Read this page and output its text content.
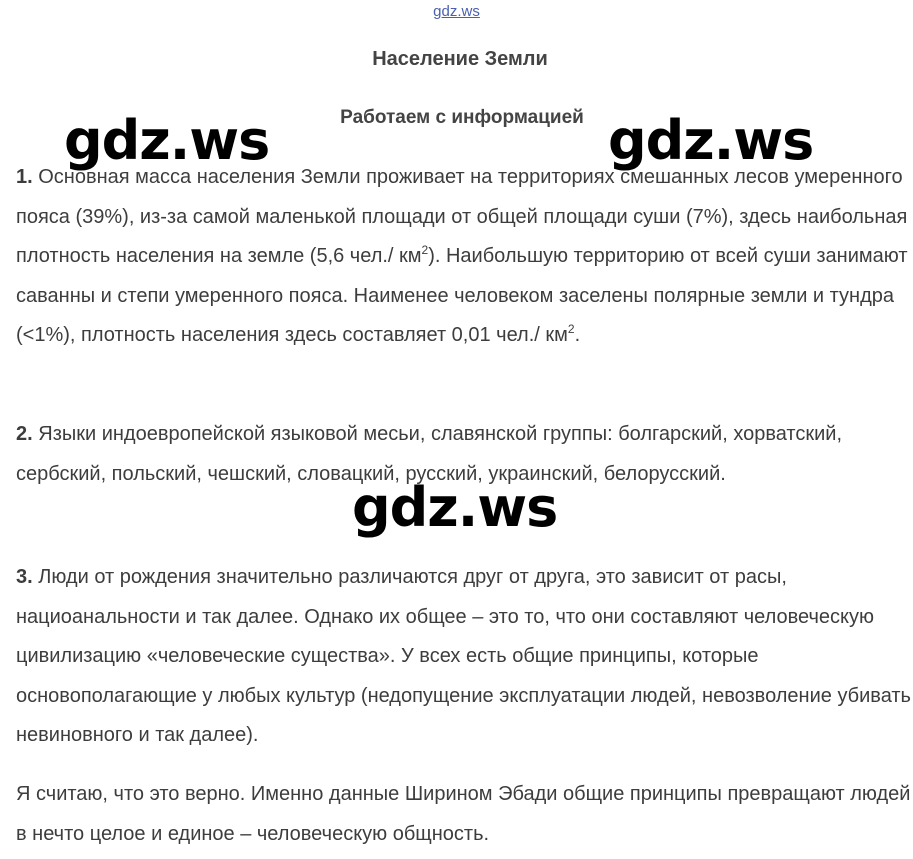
gdz.ws
Население Земли
Работаем с информацией

1. Основная масса населения Земли проживает на территориях смешанных лесов умеренного пояса (39%), из-за самой маленькой площади от общей площади суши (7%), здесь наибольная плотность населения на земле (5,6 чел./ $км^2$). Наибольшую территорию от всей суши занимают саванны и степи умеренного пояса. Наименее человеком заселены полярные земли и тундра (<1%), плотность населения здесь составляет 0,01 чел./ $км^2$.

2. Языки индоевропейской языковой месьи, славянской группы: болгарский, хорватский, сербский, польский, чешский, словацкий, русский, украинский, белорусский.

3. Люди от рождения значительно различаются друг от друга, это зависит от расы, нациоанальности и так далее. Однако их общее – это то, что они составляют человеческую цивилизацию «человеческие существа». У всех есть общие принципы, которые основополагающие у любых культур (недопущение эксплуатации людей, невозволение убивать невиновного и так далее).

Я считаю, что это верно. Именно данные Ширином Эбади общие принципы превращают людей в нечто целое и единое – человеческую общность.

gdz.ws	gdz.ws
gdz.ws
